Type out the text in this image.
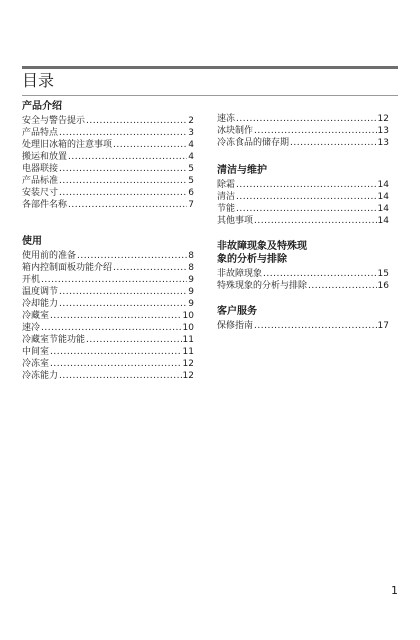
目录
产品介绍
安全与警告提示 .....	2
产品特点 .....	3
处理旧冰箱的注意事项 .....	4
搬运和放置 .....	4
电器联接 .....	5
产品标准 .....	5
安装尺寸 .....	6
各部件名称 .....	7
使用
使用前的准备 .....	8
箱内控制面板功能介绍 .....	8
开机 .....	9
温度调节 .....	9
冷却能力 .....	9
冷藏室 .....	10
速冷 .....	10
冷藏室节能功能 .....	11
中间室 .....	11
冷冻室 .....	12
冷冻能力 .....	12
速冻 .....	12
冰块制作 .....	13
冷冻食品的储存期 .....	13
清洁与维护
除霜 .....	14
清洁 .....	14
节能 .....	14
其他事项 .....	14
非故障现象及特殊现
象的分析与排除
非故障现象 .....	15
特殊现象的分析与排除 .....	16
客户服务
保修指南 .....	17
1
